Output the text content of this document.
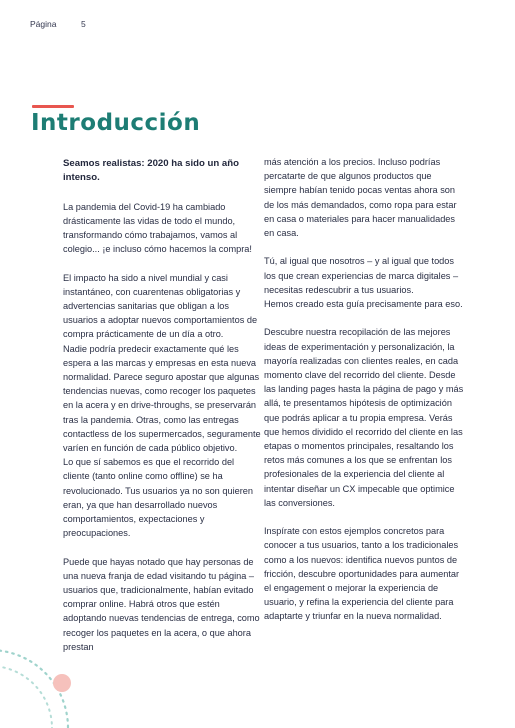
Página	5
Introducción

Seamos realistas: 2020 ha sido un año intenso.

La pandemia del Covid-19 ha cambiado drásticamente las vidas de todo el mundo, transformando cómo trabajamos, vamos al colegio... ¡e incluso cómo hacemos la compra!

El impacto ha sido a nivel mundial y casi instantáneo, con cuarentenas obligatorias y advertencias sanitarias que obligan a los usuarios a adoptar nuevos comportamientos de compra prácticamente de un día a otro.

Nadie podría predecir exactamente qué les espera a las marcas y empresas en esta nueva normalidad. Parece seguro apostar que algunas tendencias nuevas, como recoger los paquetes en la acera y en drive-throughs, se preservarán tras la pandemia. Otras, como las entregas contactless de los supermercados, seguramente varíen en función de cada público objetivo.

Lo que sí sabemos es que el recorrido del cliente (tanto online como offline) se ha revolucionado. Tus usuarios ya no son quieren eran, ya que han desarrollado nuevos comportamientos, expectaciones y preocupaciones.

Puede que hayas notado que hay personas de una nueva franja de edad visitando tu página – usuarios que, tradicionalmente, habían evitado comprar online. Habrá otros que estén adoptando nuevas tendencias de entrega, como recoger los paquetes en la acera, o que ahora prestan

más atención a los precios. Incluso podrías percatarte de que algunos productos que siempre habían tenido pocas ventas ahora son de los más demandados, como ropa para estar en casa o materiales para hacer manualidades en casa.

Tú, al igual que nosotros – y al igual que todos los que crean experiencias de marca digitales – necesitas redescubrir a tus usuarios.

Hemos creado esta guía precisamente para eso.

Descubre nuestra recopilación de las mejores ideas de experimentación y personalización, la mayoría realizadas con clientes reales, en cada momento clave del recorrido del cliente. Desde las landing pages hasta la página de pago y más allá, te presentamos hipótesis de optimización que podrás aplicar a tu propia empresa. Verás que hemos dividido el recorrido del cliente en las etapas o momentos principales, resaltando los retos más comunes a los que se enfrentan los profesionales de la experiencia del cliente al intentar diseñar un CX impecable que optimice las conversiones.

Inspírate con estos ejemplos concretos para conocer a tus usuarios, tanto a los tradicionales como a los nuevos: identifica nuevos puntos de fricción, descubre oportunidades para aumentar el engagement o mejorar la experiencia de usuario, y refina la experiencia del cliente para adaptarte y triunfar en la nueva normalidad.
